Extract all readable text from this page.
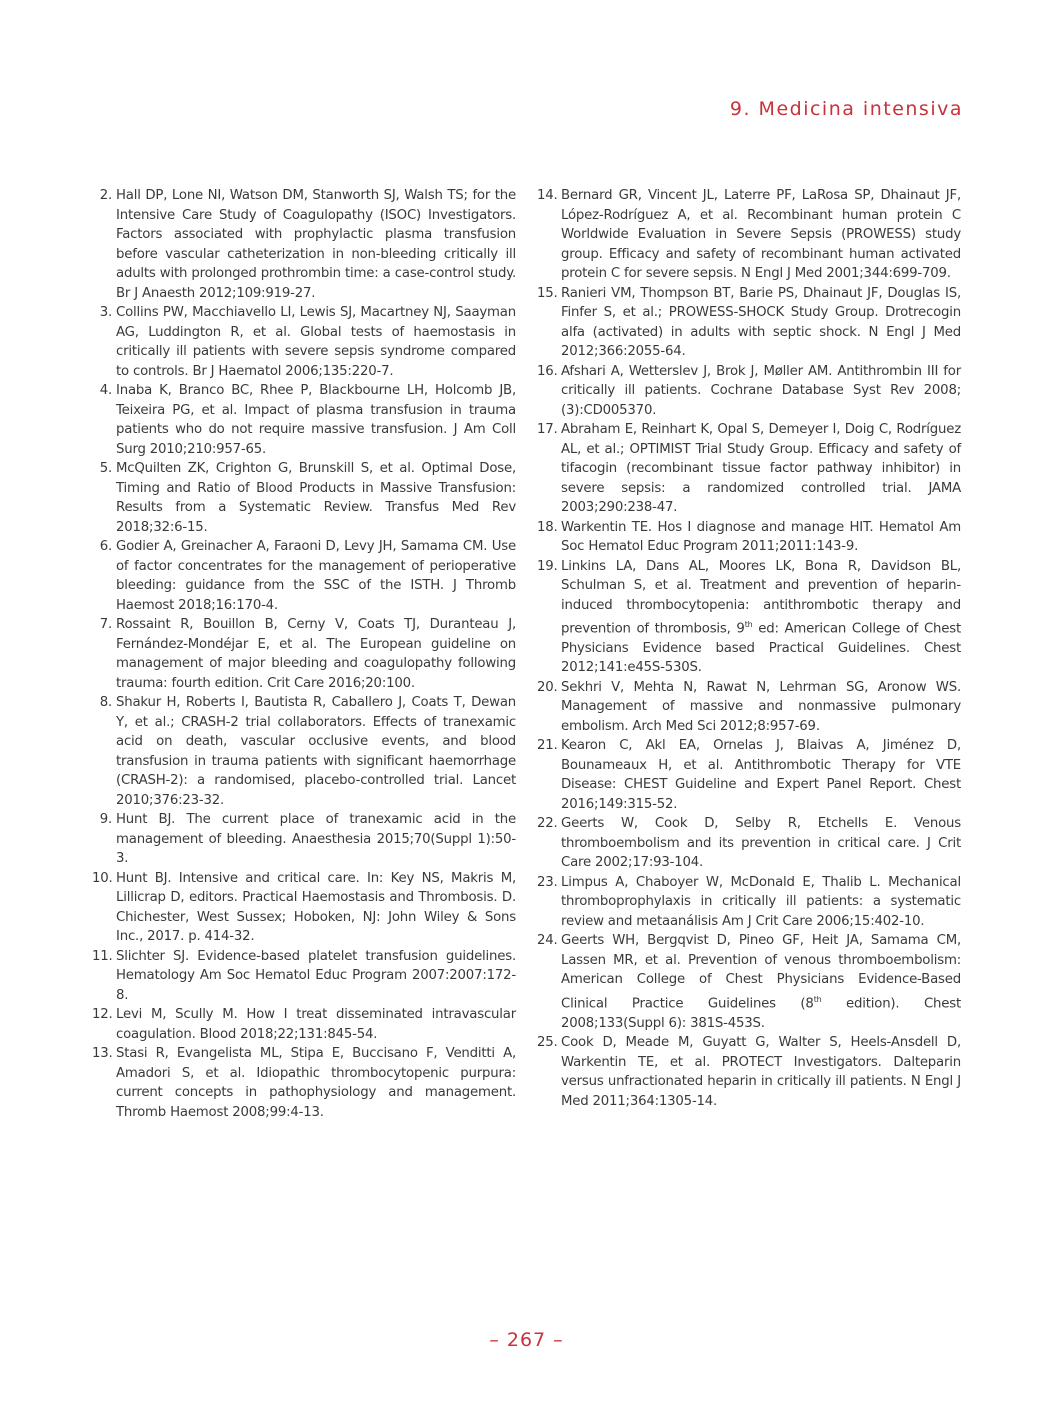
9. Medicina intensiva
2. Hall DP, Lone NI, Watson DM, Stanworth SJ, Walsh TS; for the Intensive Care Study of Coagulopathy (ISOC) Investigators. Factors associated with prophylactic plasma transfusion before vascular catheterization in non-bleeding critically ill adults with prolonged prothrombin time: a case-control study. Br J Anaesth 2012;109:919-27.
3. Collins PW, Macchiavello LI, Lewis SJ, Macartney NJ, Saayman AG, Luddington R, et al. Global tests of haemostasis in critically ill patients with severe sepsis syndrome compared to controls. Br J Haematol 2006;135:220-7.
4. Inaba K, Branco BC, Rhee P, Blackbourne LH, Holcomb JB, Teixeira PG, et al. Impact of plasma transfusion in trauma patients who do not require massive transfusion. J Am Coll Surg 2010;210:957-65.
5. McQuilten ZK, Crighton G, Brunskill S, et al. Optimal Dose, Timing and Ratio of Blood Products in Massive Transfusion: Results from a Systematic Review. Transfus Med Rev 2018;32:6-15.
6. Godier A, Greinacher A, Faraoni D, Levy JH, Samama CM. Use of factor concentrates for the management of perioperative bleeding: guidance from the SSC of the ISTH. J Thromb Haemost 2018;16:170-4.
7. Rossaint R, Bouillon B, Cerny V, Coats TJ, Duranteau J, Fernández-Mondéjar E, et al. The European guideline on management of major bleeding and coagulopathy following trauma: fourth edition. Crit Care 2016;20:100.
8. Shakur H, Roberts I, Bautista R, Caballero J, Coats T, Dewan Y, et al.; CRASH-2 trial collaborators. Effects of tranexamic acid on death, vascular occlusive events, and blood transfusion in trauma patients with significant haemorrhage (CRASH-2): a randomised, placebo-controlled trial. Lancet 2010;376:23-32.
9. Hunt BJ. The current place of tranexamic acid in the management of bleeding. Anaesthesia 2015;70(Suppl 1):50-3.
10. Hunt BJ. Intensive and critical care. In: Key NS, Makris M, Lillicrap D, editors. Practical Haemostasis and Thrombosis. D. Chichester, West Sussex; Hoboken, NJ: John Wiley & Sons Inc., 2017. p. 414-32.
11. Slichter SJ. Evidence-based platelet transfusion guidelines. Hematology Am Soc Hematol Educ Program 2007:2007:172-8.
12. Levi M, Scully M. How I treat disseminated intravascular coagulation. Blood 2018;22;131:845-54.
13. Stasi R, Evangelista ML, Stipa E, Buccisano F, Venditti A, Amadori S, et al. Idiopathic thrombocytopenic purpura: current concepts in pathophysiology and management. Thromb Haemost 2008;99:4-13.
14. Bernard GR, Vincent JL, Laterre PF, LaRosa SP, Dhainaut JF, López-Rodríguez A, et al. Recombinant human protein C Worldwide Evaluation in Severe Sepsis (PROWESS) study group. Efficacy and safety of recombinant human activated protein C for severe sepsis. N Engl J Med 2001;344:699-709.
15. Ranieri VM, Thompson BT, Barie PS, Dhainaut JF, Douglas IS, Finfer S, et al.; PROWESS-SHOCK Study Group. Drotrecogin alfa (activated) in adults with septic shock. N Engl J Med 2012;366:2055-64.
16. Afshari A, Wetterslev J, Brok J, Møller AM. Antithrombin III for critically ill patients. Cochrane Database Syst Rev 2008;(3):CD005370.
17. Abraham E, Reinhart K, Opal S, Demeyer I, Doig C, Rodríguez AL, et al.; OPTIMIST Trial Study Group. Efficacy and safety of tifacogin (recombinant tissue factor pathway inhibitor) in severe sepsis: a randomized controlled trial. JAMA 2003;290:238-47.
18. Warkentin TE. Hos I diagnose and manage HIT. Hematol Am Soc Hematol Educ Program 2011;2011:143-9.
19. Linkins LA, Dans AL, Moores LK, Bona R, Davidson BL, Schulman S, et al. Treatment and prevention of heparin-induced thrombocytopenia: antithrombotic therapy and prevention of thrombosis, 9th ed: American College of Chest Physicians Evidence based Practical Guidelines. Chest 2012;141:e45S-530S.
20. Sekhri V, Mehta N, Rawat N, Lehrman SG, Aronow WS. Management of massive and nonmassive pulmonary embolism. Arch Med Sci 2012;8:957-69.
21. Kearon C, Akl EA, Ornelas J, Blaivas A, Jiménez D, Bounameaux H, et al. Antithrombotic Therapy for VTE Disease: CHEST Guideline and Expert Panel Report. Chest 2016;149:315-52.
22. Geerts W, Cook D, Selby R, Etchells E. Venous thromboembolism and its prevention in critical care. J Crit Care 2002;17:93-104.
23. Limpus A, Chaboyer W, McDonald E, Thalib L. Mechanical thromboprophylaxis in critically ill patients: a systematic review and metaanálisis Am J Crit Care 2006;15:402-10.
24. Geerts WH, Bergqvist D, Pineo GF, Heit JA, Samama CM, Lassen MR, et al. Prevention of venous thromboembolism: American College of Chest Physicians Evidence-Based Clinical Practice Guidelines (8th edition). Chest 2008;133(Suppl 6): 381S-453S.
25. Cook D, Meade M, Guyatt G, Walter S, Heels-Ansdell D, Warkentin TE, et al. PROTECT Investigators. Dalteparin versus unfractionated heparin in critically ill patients. N Engl J Med 2011;364:1305-14.
– 267 –
